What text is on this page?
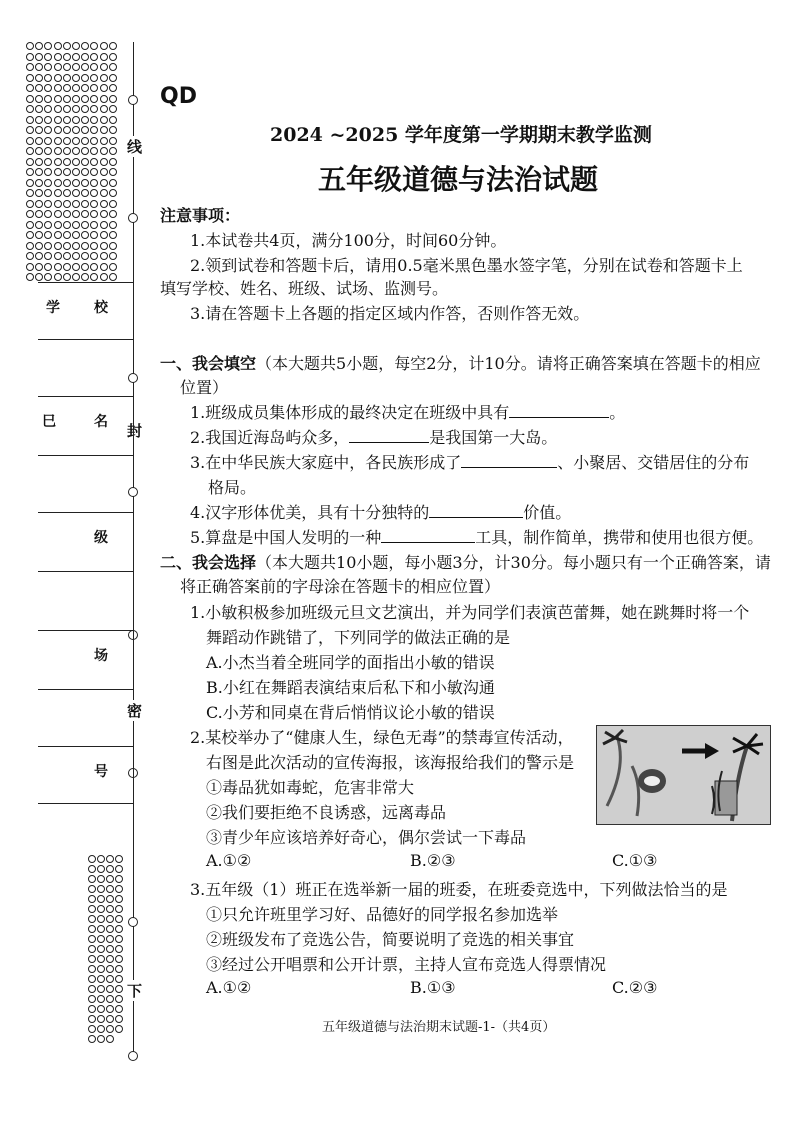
线
封
密
下
学 校
⺒	名
级
场
号
QD
2024 ~2025 学年度第一学期期末教学监测
五年级道德与法治试题
注意事项：
1.本试卷共4页，满分100分，时间60分钟。
2.领到试卷和答题卡后，请用0.5毫米黑色墨水签字笔，分别在试卷和答题卡上
填写学校、姓名、班级、试场、监测号。
3.请在答题卡上各题的指定区域内作答，否则作答无效。
一、我会填空（本大题共5小题，每空2分，计10分。请将正确答案填在答题卡的相应
位置）
1.班级成员集体形成的最终决定在班级中具有	。
2.我国近海岛屿众多，	是我国第一大岛。
3.在中华民族大家庭中，各民族形成了	、小聚居、交错居住的分布
格局。
4.汉字形体优美，具有十分独特的	价值。
5.算盘是中国人发明的一种	工具，制作简单，携带和使用也很方便。
二、我会选择（本大题共10小题，每小题3分，计30分。每小题只有一个正确答案，请
将正确答案前的字母涂在答题卡的相应位置）
1.小敏积极参加班级元旦文艺演出，并为同学们表演芭蕾舞，她在跳舞时将一个
舞蹈动作跳错了，下列同学的做法正确的是
A.小杰当着全班同学的面指出小敏的错误
B.小红在舞蹈表演结束后私下和小敏沟通
C.小芳和同桌在背后悄悄议论小敏的错误
2.某校举办了“健康人生，绿色无毒”的禁毒宣传活动，
右图是此次活动的宣传海报，该海报给我们的警示是
①毒品犹如毒蛇，危害非常大
②我们要拒绝不良诱惑，远离毒品
③青少年应该培养好奇心，偶尔尝试一下毒品
A.①②	B.②③	C.①③
3.五年级（1）班正在选举新一届的班委，在班委竞选中，下列做法恰当的是
①只允许班里学习好、品德好的同学报名参加选举
②班级发布了竞选公告，简要说明了竞选的相关事宜
③经过公开唱票和公开计票，主持人宣布竞选人得票情况
A.①②	B.①③	C.②③
五年级道德与法治期末试题-1-（共4页）
